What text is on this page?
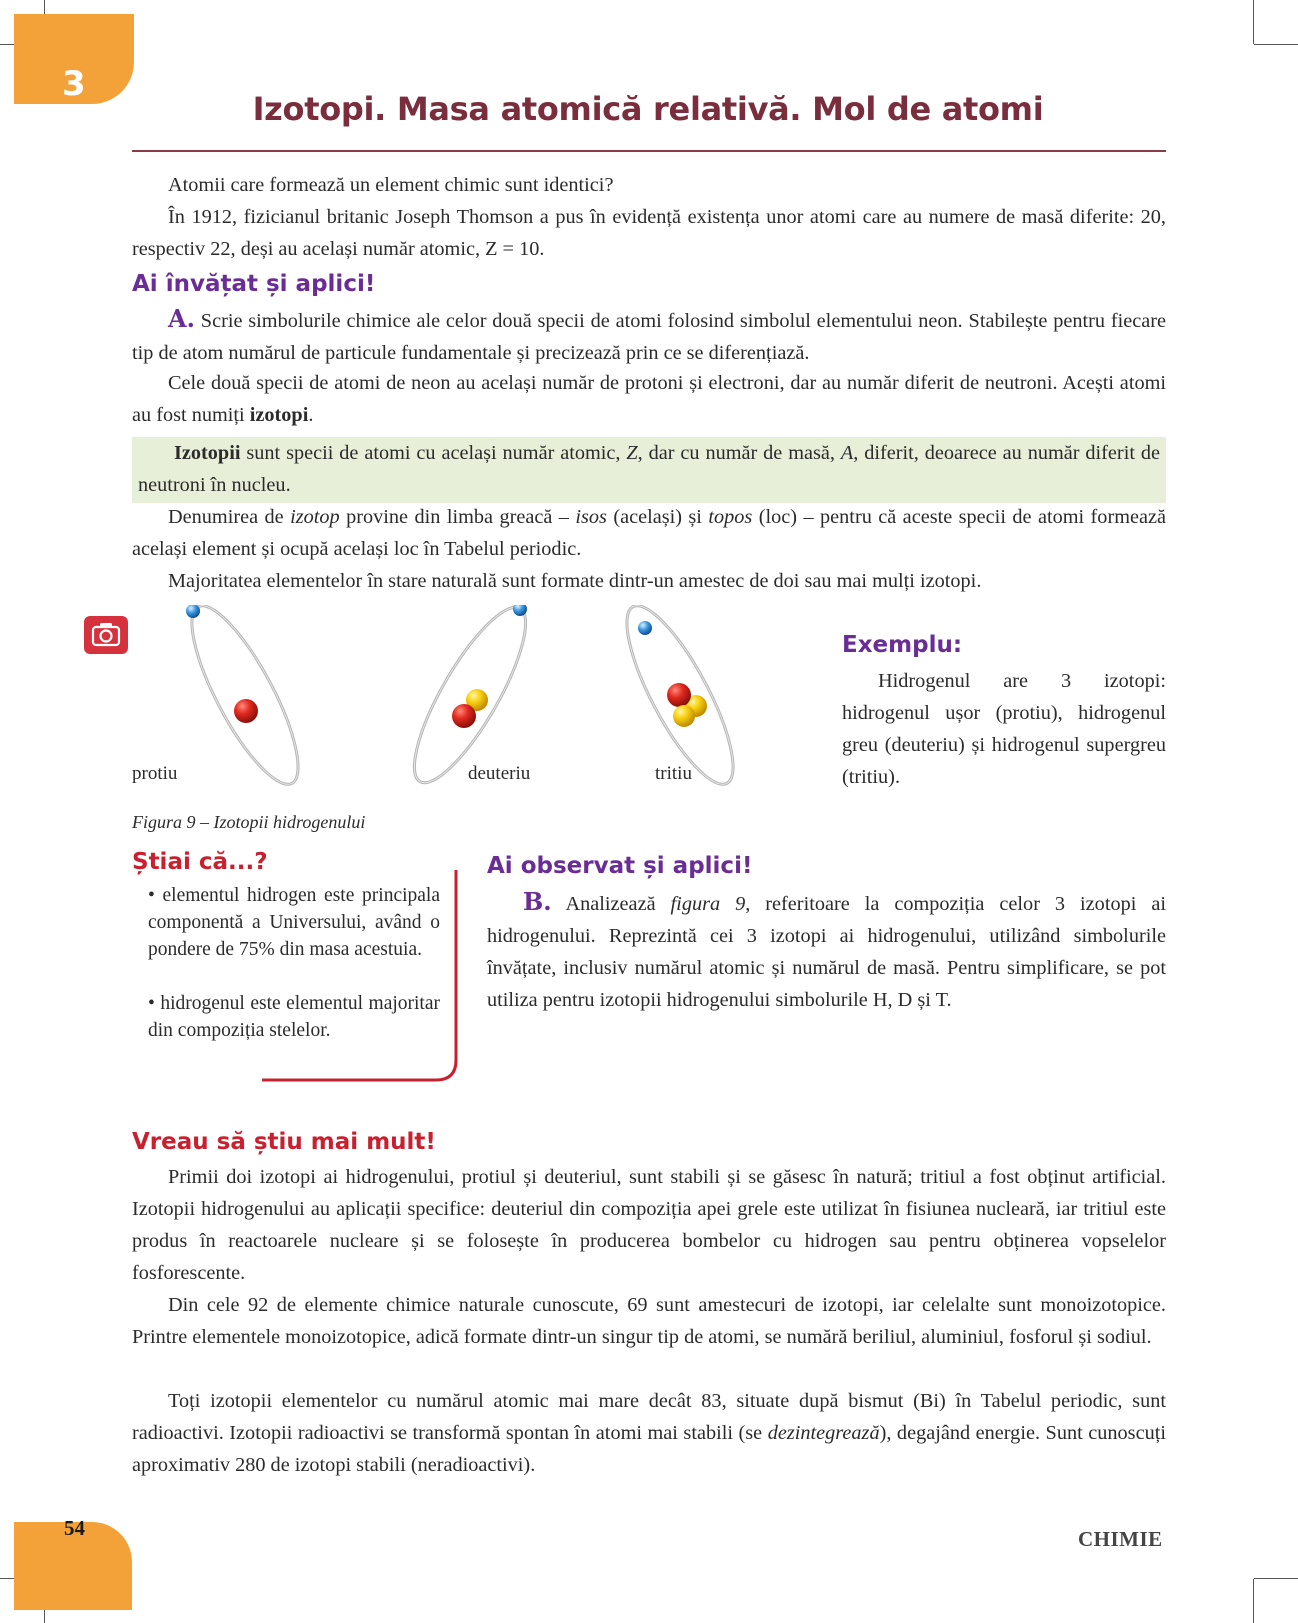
3
Izotopi. Masa atomică relativă. Mol de atomi

Atomii care formează un element chimic sunt identici?

În 1912, fizicianul britanic Joseph Thomson a pus în evidență existența unor atomi care au numere de masă diferite: 20, respectiv 22, deși au același număr atomic, Z = 10.

Ai învățat și aplici!

A. Scrie simbolurile chimice ale celor două specii de atomi folosind simbolul elementului neon. Stabilește pentru fiecare tip de atom numărul de particule fundamentale și precizează prin ce se diferențiază.

Cele două specii de atomi de neon au același număr de protoni și electroni, dar au număr diferit de neutroni. Acești atomi au fost numiți izotopi.

Izotopii sunt specii de atomi cu același număr atomic, Z, dar cu număr de masă, A, diferit, deoarece au număr diferit de neutroni în nucleu.

Denumirea de izotop provine din limba greacă – isos (același) și topos (loc) – pentru că aceste specii de atomi formează același element și ocupă același loc în Tabelul periodic.

Majoritatea elementelor în stare naturală sunt formate dintr-un amestec de doi sau mai mulți izotopi.

protiu	deuteriu	tritiu
Figura 9 – Izotopii hidrogenului
Exemplu:

Hidrogenul are 3 izotopi: hidrogenul ușor (protiu), hidrogenul greu (deuteriu) și hidrogenul supergreu (tritiu).

Știai că...?

• elementul hidrogen este principala componentă a Universului, având o pondere de 75% din masa acestuia.

• hidrogenul este elementul majoritar din compoziția stelelor.

Ai observat și aplici!

B. Analizează figura 9, referitoare la compoziția celor 3 izotopi ai hidrogenului. Reprezintă cei 3 izotopi ai hidrogenului, utilizând simbolurile învățate, inclusiv numărul atomic și numărul de masă. Pentru simplificare, se pot utiliza pentru izotopii hidrogenului simbolurile H, D și T.

Vreau să știu mai mult!

Primii doi izotopi ai hidrogenului, protiul și deuteriul, sunt stabili și se găsesc în natură; tritiul a fost obținut artificial. Izotopii hidrogenului au aplicații specifice: deuteriul din compoziția apei grele este utilizat în fisiunea nucleară, iar tritiul este produs în reactoarele nucleare și se folosește în producerea bombelor cu hidrogen sau pentru obținerea vopselelor fosforescente.

Din cele 92 de elemente chimice naturale cunoscute, 69 sunt amestecuri de izotopi, iar celelalte sunt monoizotopice. Printre elementele monoizotopice, adică formate dintr-un singur tip de atomi, se numără beriliul, aluminiul, fosforul și sodiul.

Toți izotopii elementelor cu numărul atomic mai mare decât 83, situate după bismut (Bi) în Tabelul periodic, sunt radioactivi. Izotopii radioactivi se transformă spontan în atomi mai stabili (se dezintegrează), degajând energie. Sunt cunoscuți aproximativ 280 de izotopi stabili (neradioactivi).

54	CHIMIE
